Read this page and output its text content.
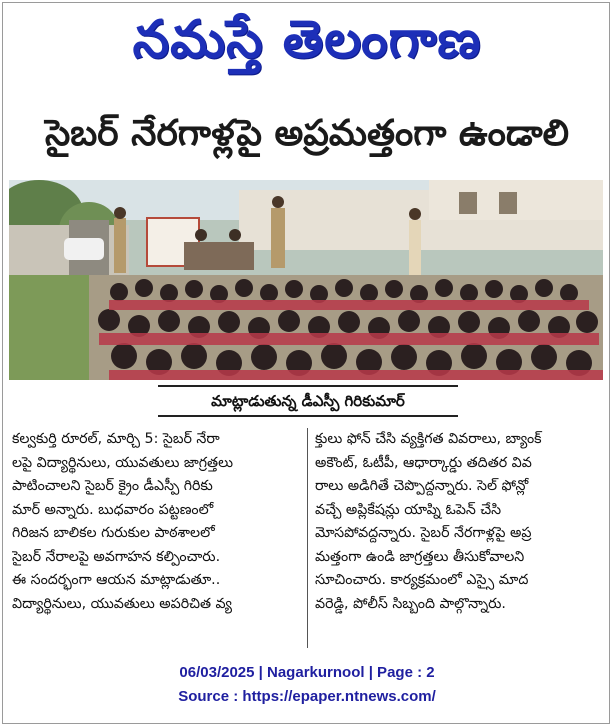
నమస్తే తెలంగాణ
సైబర్ నేరగాళ్లపై అప్రమత్తంగా ఉండాలి
మాట్లాడుతున్న డీఎస్పీ గిరికుమార్
కల్వకుర్తి రూరల్, మార్చి 5: సైబర్ నేరా
లపై విద్యార్థినులు, యువతులు జాగ్రత్తలు
పాటించాలని సైబర్ క్రైం డీఎస్పీ గిరికు
మార్ అన్నారు. బుధవారం పట్టణంలో
గిరిజన బాలికల గురుకుల పాఠశాలలో
సైబర్ నేరాలపై అవగాహన కల్పించారు.
ఈ సందర్భంగా ఆయన మాట్లాడుతూ..
విద్యార్థినులు, యువతులు అపరిచిత వ్య
క్తులు ఫోన్ చేసి వ్యక్తిగత వివరాలు, బ్యాంక్
అకౌంట్, ఓటీపీ, ఆధార్కార్డు తదితర వివ
రాలు అడిగితే చెప్పొద్దన్నారు. సెల్ ఫోన్లో
వచ్చే అప్లికేషన్లు యాప్ని ఓపెన్ చేసి
మోసపోవద్దన్నారు. సైబర్ నేరగాళ్లపై అప్ర
మత్తంగా ఉండి జాగ్రత్తలు తీసుకోవాలని
సూచించారు. కార్యక్రమంలో ఎస్సై మాద
వరెడ్డి, పోలీస్ సిబ్బంది పాల్గొన్నారు.
06/03/2025 | Nagarkurnool | Page : 2
Source : https://epaper.ntnews.com/
